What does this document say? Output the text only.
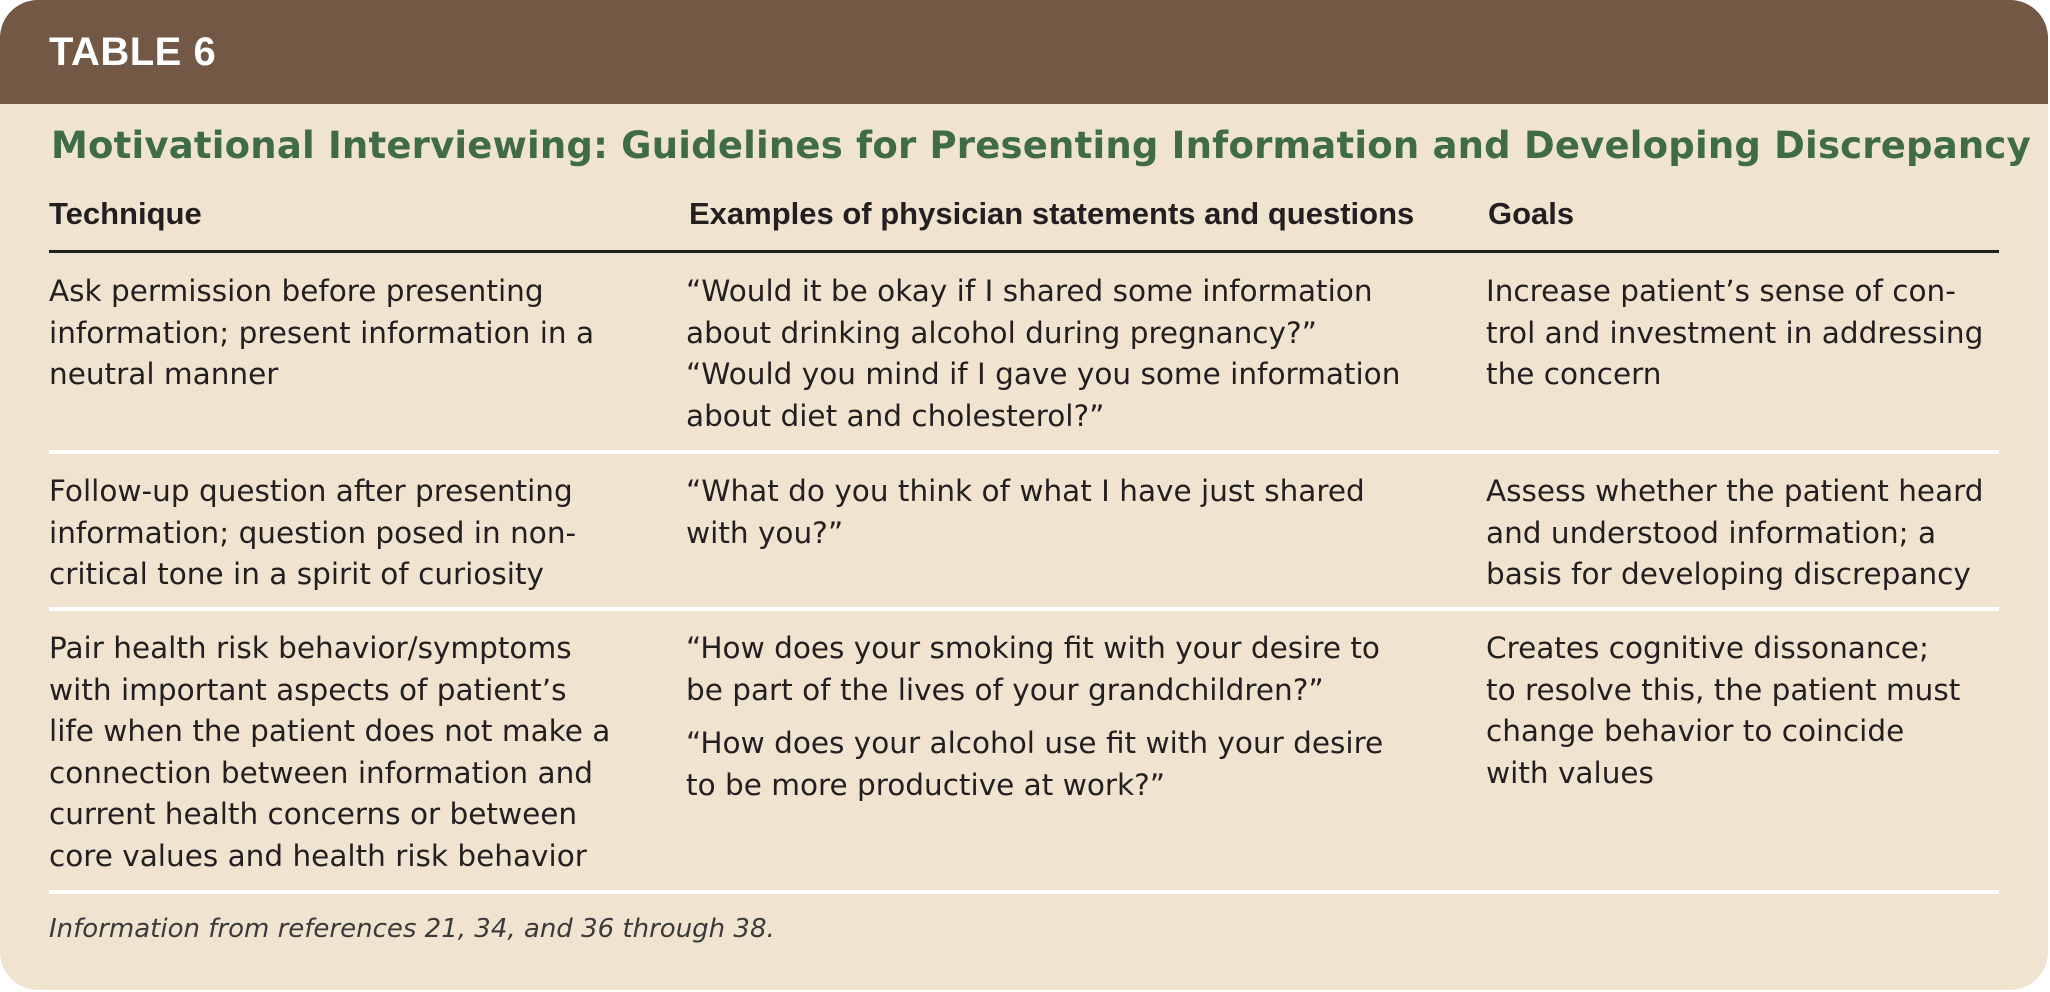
TABLE 6
Motivational Interviewing: Guidelines for Presenting Information and Developing Discrepancy
Technique	Examples of physician statements and questions Goals
Ask permission before presenting
information; present information in a
neutral manner
“Would it be okay if I shared some information
about drinking alcohol during pregnancy?”
“Would you mind if I gave you some information
about diet and cholesterol?”
Increase patient’s sense of con-
trol and investment in addressing
the concern
Follow-up question after presenting
information; question posed in non-
critical tone in a spirit of curiosity
“What do you think of what I have just shared
with you?”
Assess whether the patient heard
and understood information; a
basis for developing discrepancy
Pair health risk behavior/symptoms
with important aspects of patient’s
life when the patient does not make a
connection between information and
current health concerns or between
core values and health risk behavior
“How does your smoking fit with your desire to
be part of the lives of your grandchildren?”
“How does your alcohol use fit with your desire
to be more productive at work?”
Creates cognitive dissonance;
to resolve this, the patient must
change behavior to coincide
with values
Information from references 21, 34, and 36 through 38.
